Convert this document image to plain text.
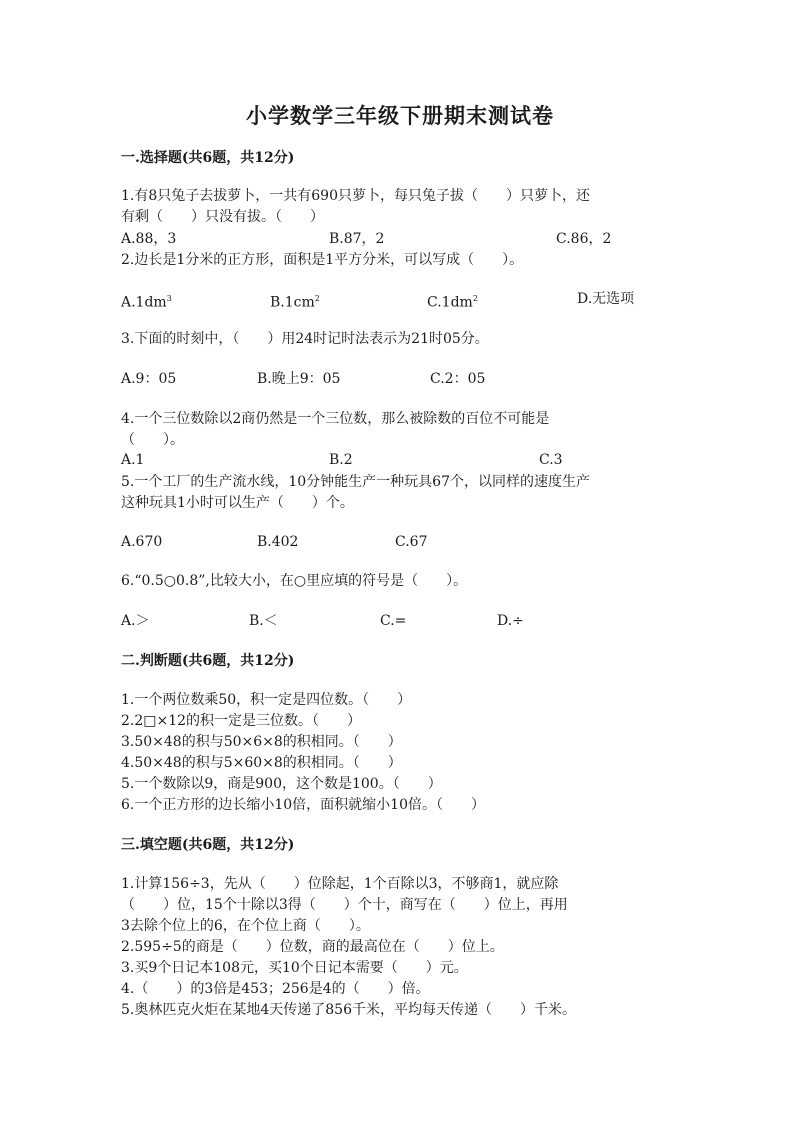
小学数学三年级下册期末测试卷
一.选择题(共6题，共12分)
1.有8只兔子去拔萝卜，一共有690只萝卜，每只兔子拔（　　）只萝卜，还
有剩（　　）只没有拔。（　　）
A.88，3	B.87，2	C.86，2
2.边长是1分米的正方形，面积是1平方分米，可以写成（　　）。
$A.1dm^3$	$B.1cm^2$	$C.1dm^2$	D.无选项
3.下面的时刻中，（　　）用24时记时法表示为21时05分。
A.9：05	B.晚上9：05	C.2：05
4.一个三位数除以2商仍然是一个三位数，那么被除数的百位不可能是
（　　）。
A.1	B.2	C.3
5.一个工厂的生产流水线，10分钟能生产一种玩具67个，以同样的速度生产
这种玩具1小时可以生产（　　）个。
A.670	B.402	C.67
6.“0.5○0.8”,比较大小，在○里应填的符号是（　　）。
A.＞	B.＜	C.=	D.÷
二.判断题(共6题，共12分)
1.一个两位数乘50，积一定是四位数。（　　）
2.2□×12的积一定是三位数。（　　）
3.50×48的积与50×6×8的积相同。（　　）
4.50×48的积与5×60×8的积相同。（　　）
5.一个数除以9，商是900，这个数是100。（　　）
6.一个正方形的边长缩小10倍，面积就缩小10倍。（　　）
三.填空题(共6题，共12分)
1.计算156÷3，先从（　　）位除起，1个百除以3，不够商1，就应除
（　　）位，15个十除以3得（　　）个十，商写在（　　）位上，再用
3去除个位上的6，在个位上商（　　）。
2.595÷5的商是（　　）位数，商的最高位在（　　）位上。
3.买9个日记本108元，买10个日记本需要（　　）元。
4.（　　）的3倍是453；256是4的（　　）倍。
5.奥林匹克火炬在某地4天传递了856千米，平均每天传递（　　）千米。
